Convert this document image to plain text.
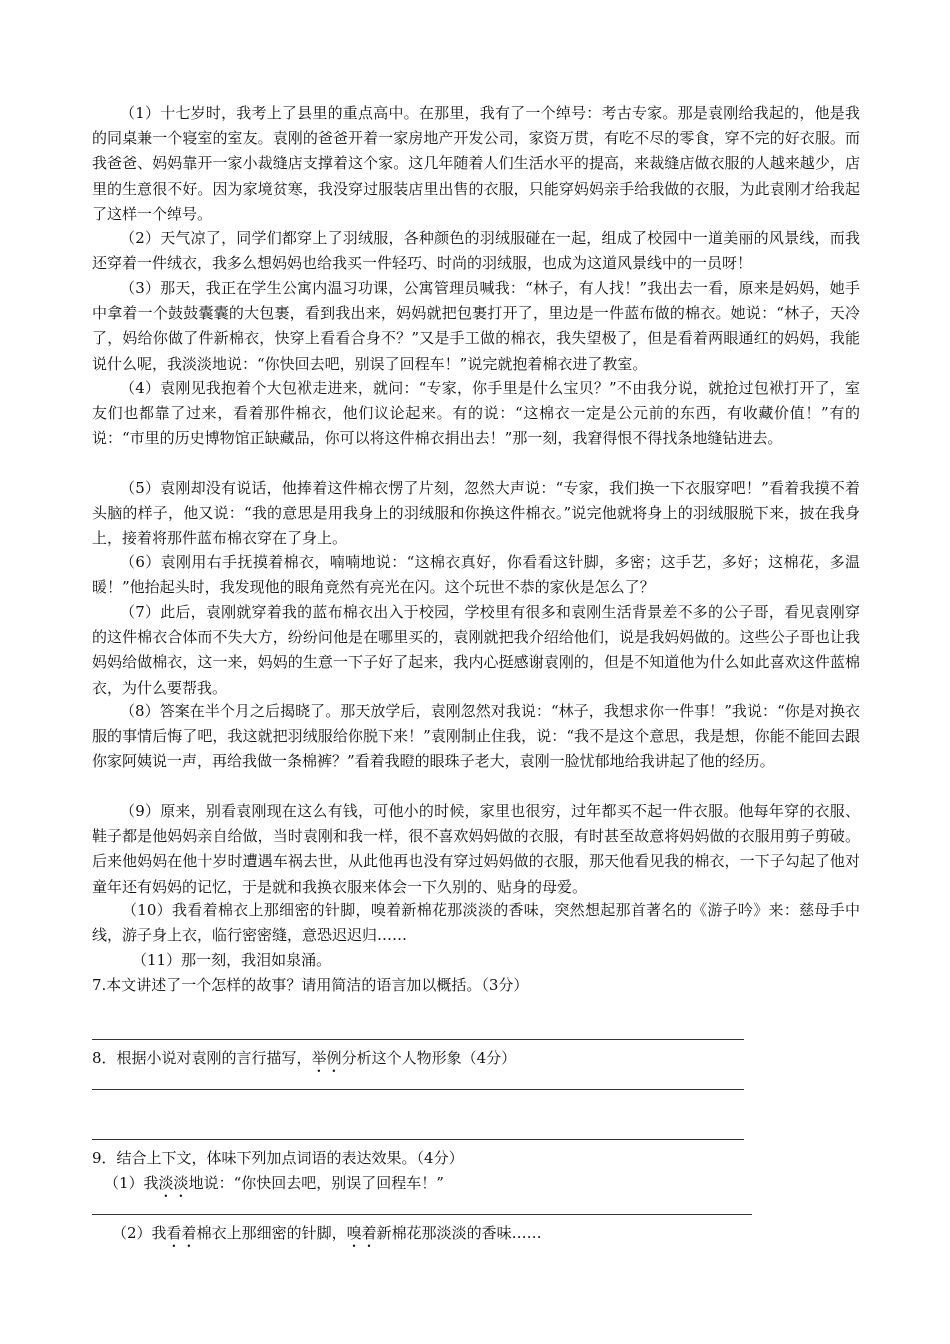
（1）十七岁时，我考上了县里的重点高中。在那里，我有了一个绰号：考古专家。那是袁刚给我起的，他是我的同桌兼一个寝室的室友。袁刚的爸爸开着一家房地产开发公司，家资万贯，有吃不尽的零食，穿不完的好衣服。而我爸爸、妈妈靠开一家小裁缝店支撑着这个家。这几年随着人们生活水平的提高，来裁缝店做衣服的人越来越少，店里的生意很不好。因为家境贫寒，我没穿过服装店里出售的衣服，只能穿妈妈亲手给我做的衣服，为此袁刚才给我起了这样一个绰号。

（2）天气凉了，同学们都穿上了羽绒服，各种颜色的羽绒服碰在一起，组成了校园中一道美丽的风景线，而我还穿着一件绒衣，我多么想妈妈也给我买一件轻巧、时尚的羽绒服，也成为这道风景线中的一员呀！

（3）那天，我正在学生公寓内温习功课，公寓管理员喊我：“林子，有人找！”我出去一看，原来是妈妈，她手中拿着一个鼓鼓囊囊的大包裹，看到我出来，妈妈就把包裹打开了，里边是一件蓝布做的棉衣。她说：“林子，天冷了，妈给你做了件新棉衣，快穿上看看合身不？”又是手工做的棉衣，我失望极了，但是看着两眼通红的妈妈，我能说什么呢，我淡淡地说：“你快回去吧，别误了回程车！”说完就抱着棉衣进了教室。

（4）袁刚见我抱着个大包袱走进来，就问：“专家，你手里是什么宝贝？”不由我分说，就抢过包袱打开了，室友们也都靠了过来，看着那件棉衣，他们议论起来。有的说：“这棉衣一定是公元前的东西，有收藏价值！”有的说：“市里的历史博物馆正缺藏品，你可以将这件棉衣捐出去！”那一刻，我窘得恨不得找条地缝钻进去。

（5）袁刚却没有说话，他捧着这件棉衣愣了片刻，忽然大声说：“专家，我们换一下衣服穿吧！”看着我摸不着头脑的样子，他又说：“我的意思是用我身上的羽绒服和你换这件棉衣。”说完他就将身上的羽绒服脱下来，披在我身上，接着将那件蓝布棉衣穿在了身上。

（6）袁刚用右手抚摸着棉衣，喃喃地说：“这棉衣真好，你看看这针脚，多密；这手艺，多好；这棉花，多温暖！”他抬起头时，我发现他的眼角竟然有亮光在闪。这个玩世不恭的家伙是怎么了？

（7）此后，袁刚就穿着我的蓝布棉衣出入于校园，学校里有很多和袁刚生活背景差不多的公子哥，看见袁刚穿的这件棉衣合体而不失大方，纷纷问他是在哪里买的，袁刚就把我介绍给他们，说是我妈妈做的。这些公子哥也让我妈妈给做棉衣，这一来，妈妈的生意一下子好了起来，我内心挺感谢袁刚的，但是不知道他为什么如此喜欢这件蓝棉衣，为什么要帮我。

（8）答案在半个月之后揭晓了。那天放学后，袁刚忽然对我说：“林子，我想求你一件事！”我说：“你是对换衣服的事情后悔了吧，我这就把羽绒服给你脱下来！”袁刚制止住我，说：“我不是这个意思，我是想，你能不能回去跟你家阿姨说一声，再给我做一条棉裤？”看着我瞪的眼珠子老大，袁刚一脸忧郁地给我讲起了他的经历。

（9）原来，别看袁刚现在这么有钱，可他小的时候，家里也很穷，过年都买不起一件衣服。他每年穿的衣服、鞋子都是他妈妈亲自给做，当时袁刚和我一样，很不喜欢妈妈做的衣服，有时甚至故意将妈妈做的衣服用剪子剪破。后来他妈妈在他十岁时遭遇车祸去世，从此他再也没有穿过妈妈做的衣服，那天他看见我的棉衣，一下子勾起了他对童年还有妈妈的记忆，于是就和我换衣服来体会一下久别的、贴身的母爱。

（10）我看着棉衣上那细密的针脚，嗅着新棉花那淡淡的香味，突然想起那首著名的《游子吟》来：慈母手中线，游子身上衣，临行密密缝，意恐迟迟归……

（11）那一刻，我泪如泉涌。

7.本文讲述了一个怎样的故事？请用简洁的语言加以概括。（3分）

8．根据小说对袁刚的言行描写，举例分析这个人物形象（4分）

9．结合上下文，体味下列加点词语的表达效果。（4分）

（1）我淡淡地说：“你快回去吧，别误了回程车！”

（2）我看着棉衣上那细密的针脚，嗅着新棉花那淡淡的香味……
